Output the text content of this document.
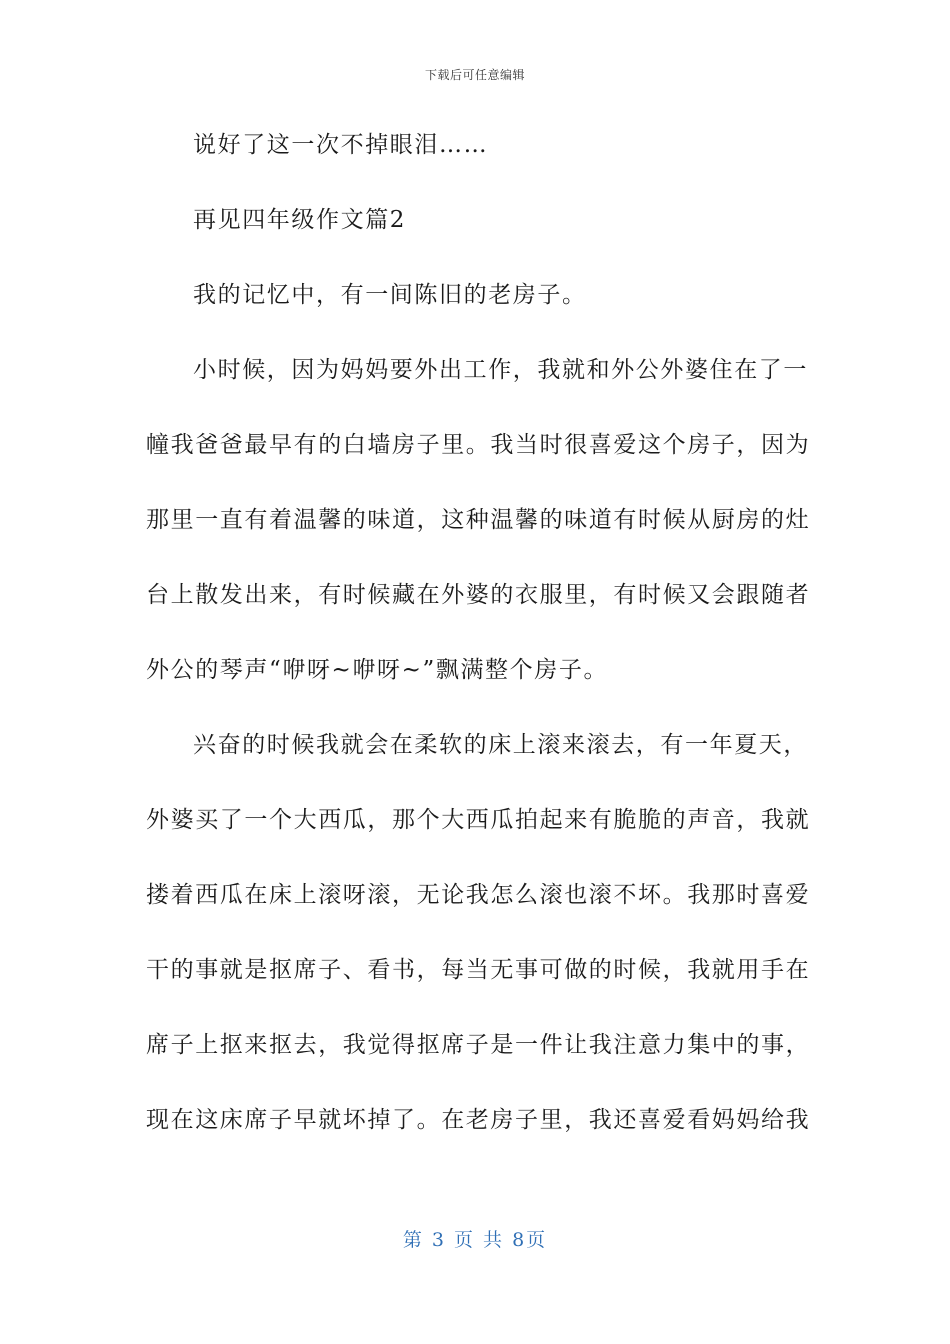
下载后可任意编辑
说好了这一次不掉眼泪……
再见四年级作文篇2
我的记忆中，有一间陈旧的老房子。
小时候，因为妈妈要外出工作，我就和外公外婆住在了一
幢我爸爸最早有的白墙房子里。我当时很喜爱这个房子，因为
那里一直有着温馨的味道，这种温馨的味道有时候从厨房的灶
台上散发出来，有时候藏在外婆的衣服里，有时候又会跟随者
外公的琴声“咿呀~咿呀~”飘满整个房子。
兴奋的时候我就会在柔软的床上滚来滚去，有一年夏天，
外婆买了一个大西瓜，那个大西瓜拍起来有脆脆的声音，我就
搂着西瓜在床上滚呀滚，无论我怎么滚也滚不坏。我那时喜爱
干的事就是抠席子、看书，每当无事可做的时候，我就用手在
席子上抠来抠去，我觉得抠席子是一件让我注意力集中的事，
现在这床席子早就坏掉了。在老房子里，我还喜爱看妈妈给我
第 3 页 共 8页
